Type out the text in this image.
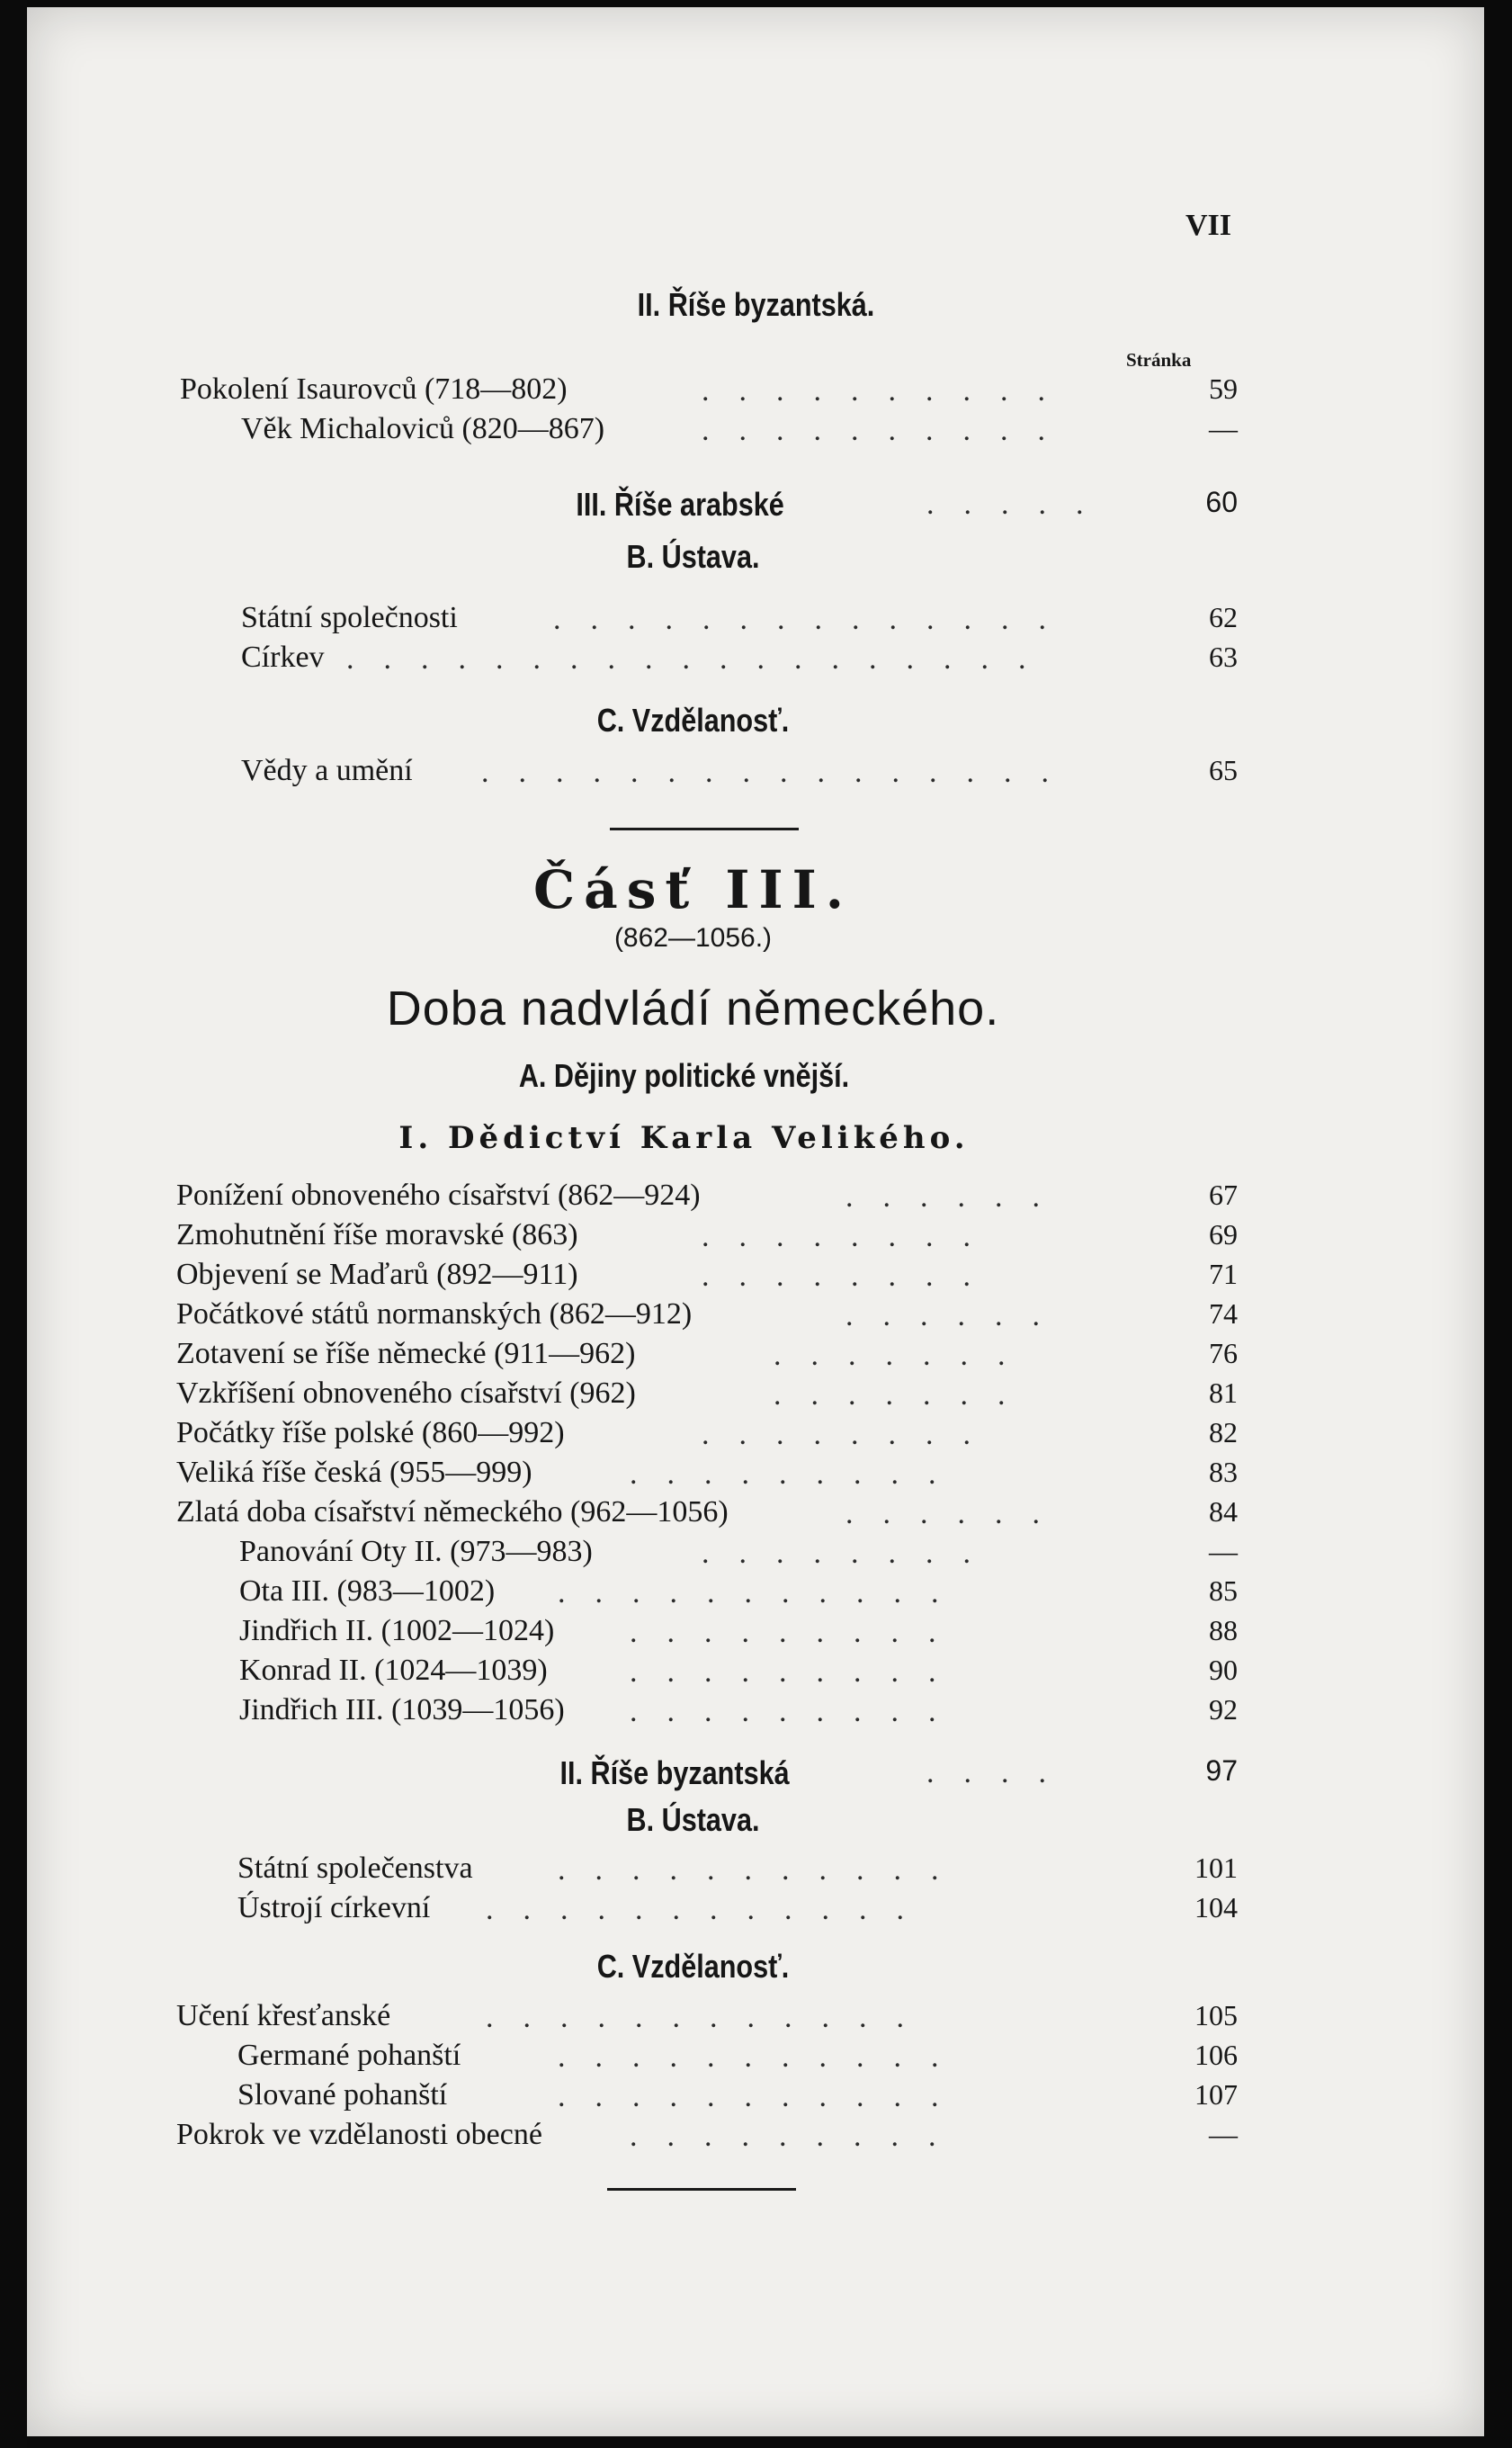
VII
II. Říše byzantská.
Stránka
Pokolení Isaurovců (718—802)	..........	59
Věk Michaloviců (820—867)	..........	—
III. Říše arabské	.....	60
B. Ústava.
Státní společnosti	..............	62
Církev ...................	63
C. Vzdělanosť.
Vědy a umění ................	65
Čásť III.
(862—1056.)
Doba nadvládí německého.
A. Dějiny politické vnější.
I. Dědictví Karla Velikého.
Ponížení obnoveného císařství (862—924)	......	67
Zmohutnění říše moravské (863)	........	69
Objevení se Maďarů (892—911)	........	71
Počátkové států normanských (862—912)	......	74
Zotavení se říše německé (911—962)	.......	76
Vzkříšení obnoveného císařství (962)	.......	81
Počátky říše polské (860—992)	........	82
Veliká říše česká (955—999)	.........	83
Zlatá doba císařství německého (962—1056)	......	84
Panování Oty II. (973—983)	........	—
Ota III. (983—1002) ...........	85
Jindřich II. (1002—1024) .........	88
Konrad II. (1024—1039)	.........	90
Jindřich III. (1039—1056) .........	92
II. Říše byzantská	....	97
B. Ústava.
Státní společenstva	...........	101
Ústrojí církevní ............	104
C. Vzdělanosť.
Učení křesťanské	............	105
Germané pohanští	...........	106
Slované pohanští	...........	107
Pokrok ve vzdělanosti obecné	.........	—
